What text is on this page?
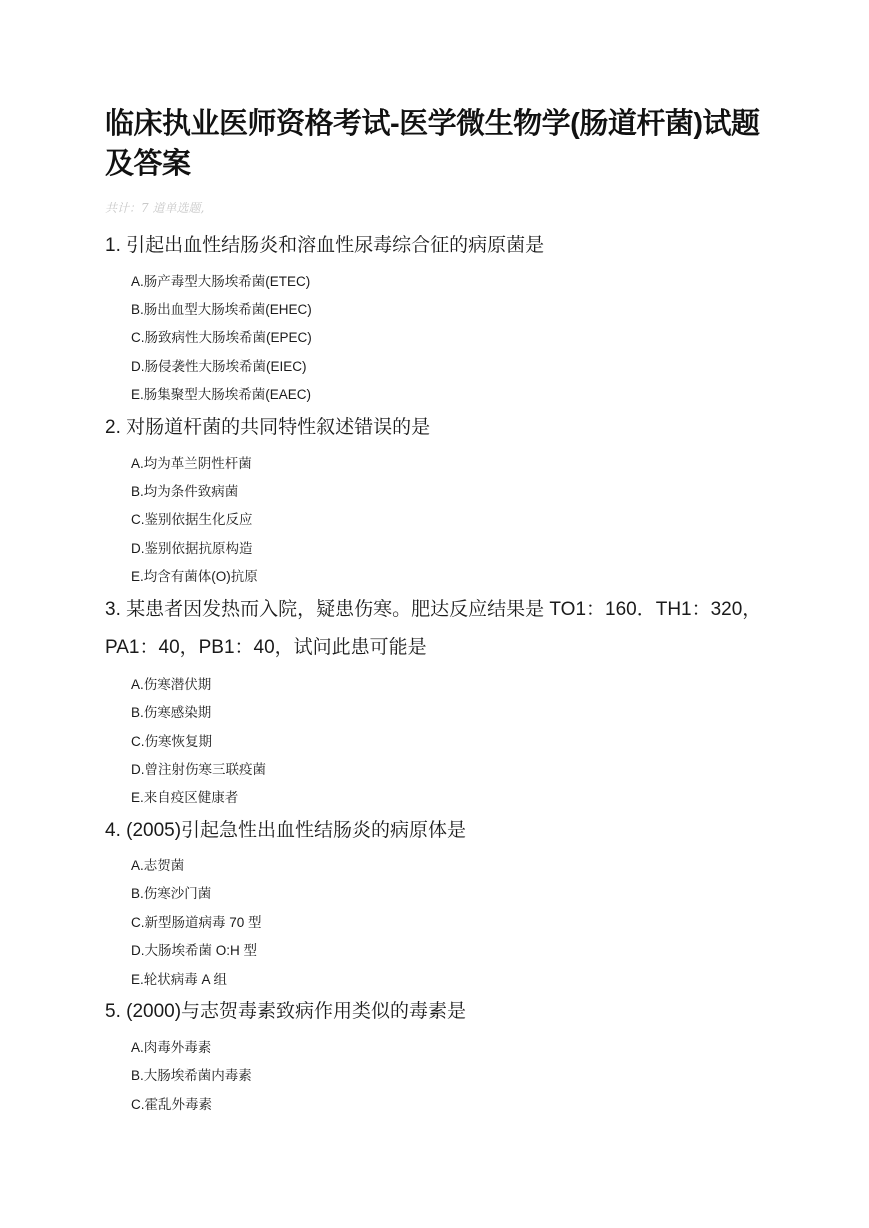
临床执业医师资格考试-医学微生物学(肠道杆菌)试题及答案

共计：7 道单选题,

1. 引起出血性结肠炎和溶血性尿毒综合征的病原菌是

A.肠产毒型大肠埃希菌(ETEC)

B.肠出血型大肠埃希菌(EHEC)

C.肠致病性大肠埃希菌(EPEC)

D.肠侵袭性大肠埃希菌(EIEC)

E.肠集聚型大肠埃希菌(EAEC)

2. 对肠道杆菌的共同特性叙述错误的是

A.均为革兰阴性杆菌

B.均为条件致病菌

C.鉴别依据生化反应

D.鉴别依据抗原构造

E.均含有菌体(O)抗原

3. 某患者因发热而入院，疑患伤寒。肥达反应结果是 TO1：160．TH1：320，PA1：40，PB1：40，试问此患可能是

A.伤寒潜伏期

B.伤寒感染期

C.伤寒恢复期

D.曾注射伤寒三联疫菌

E.来自疫区健康者

4. (2005)引起急性出血性结肠炎的病原体是

A.志贺菌

B.伤寒沙门菌

C.新型肠道病毒 70 型

D.大肠埃希菌 O:H 型

E.轮状病毒 A 组

5. (2000)与志贺毒素致病作用类似的毒素是

A.肉毒外毒素

B.大肠埃希菌内毒素

C.霍乱外毒素
